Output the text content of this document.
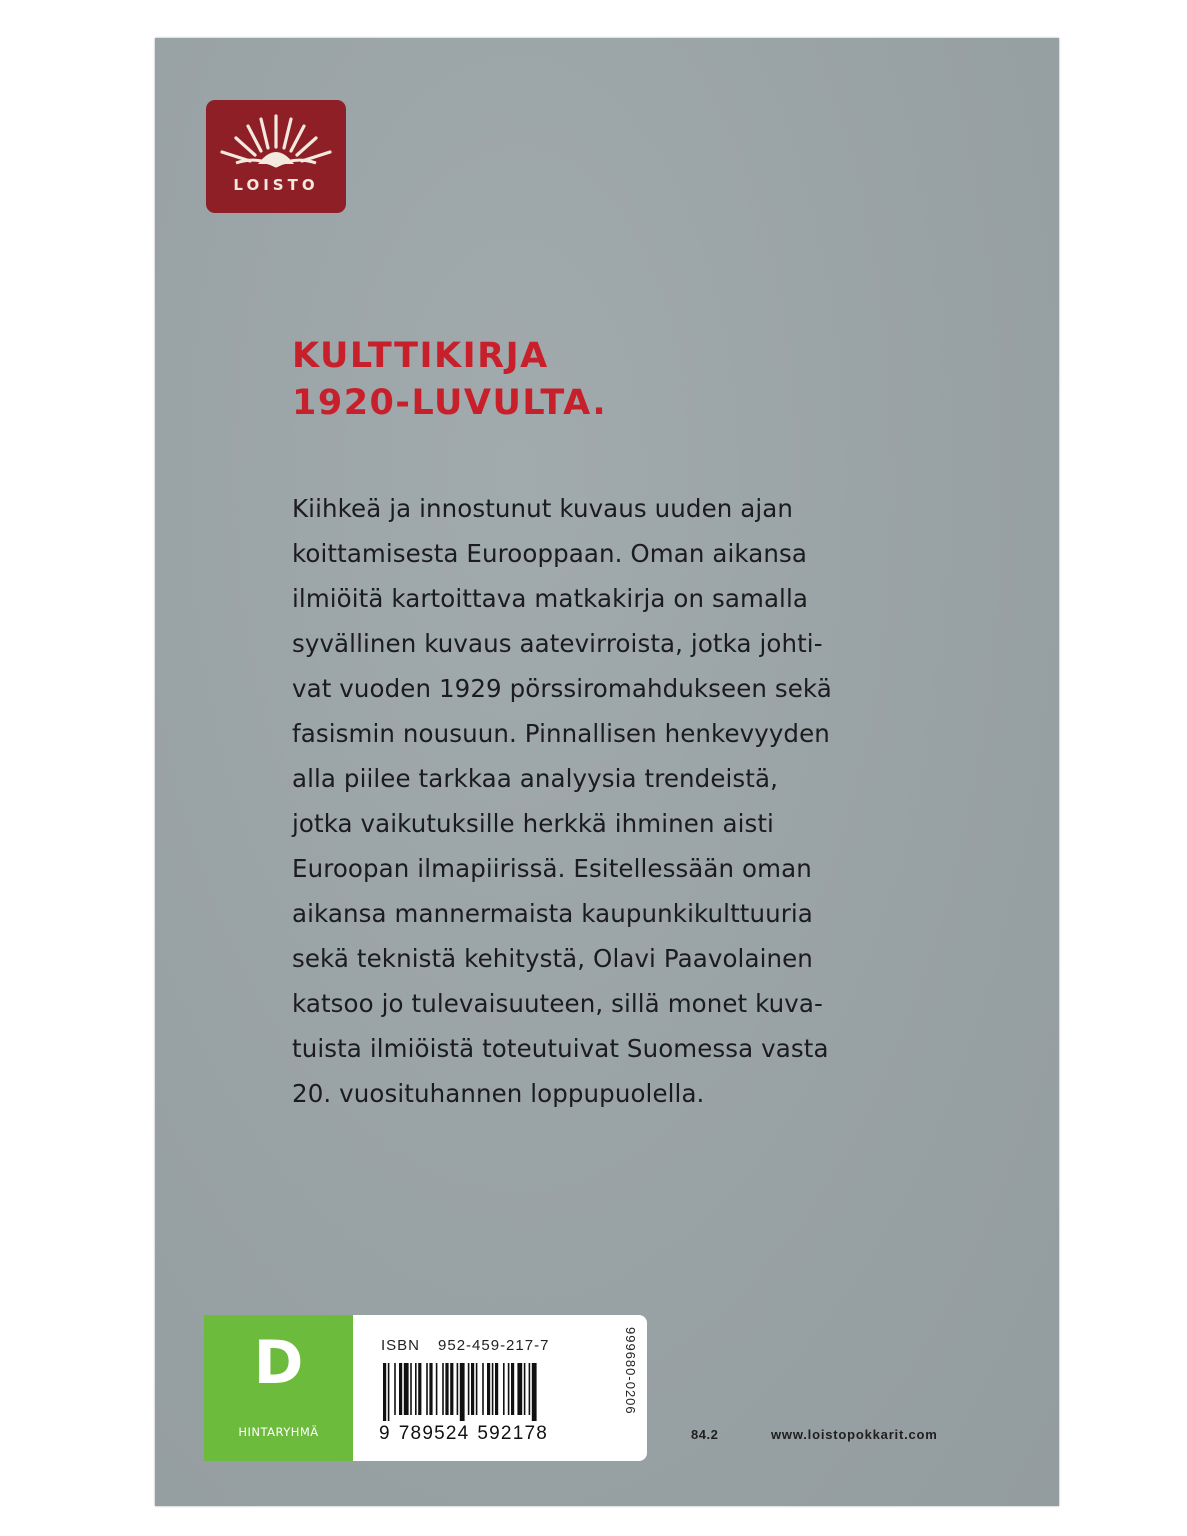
LOISTO
KULTTIKIRJA
1920-LUVULTA.
Kiihkeä ja innostunut kuvaus uuden ajan
koittamisesta Eurooppaan. Oman aikansa
ilmiöitä kartoittava matkakirja on samalla
syvällinen kuvaus aatevirroista, jotka johti-
vat vuoden 1929 pörssiromahdukseen sekä
fasismin nousuun. Pinnallisen henkevyyden
alla piilee tarkkaa analyysia trendeistä,
jotka vaikutuksille herkkä ihminen aisti
Euroopan ilmapiirissä. Esitellessään oman
aikansa mannermaista kaupunkikulttuuria
sekä teknistä kehitystä, Olavi Paavolainen
katsoo jo tulevaisuuteen, sillä monet kuva-
tuista ilmiöistä toteutuivat Suomessa vasta
20. vuosituhannen loppupuolella.
D
HINTARYHMÄ
ISBN 952-459-217-7
9 789524 592178
999680-0206
84.2	www.loistopokkarit.com
